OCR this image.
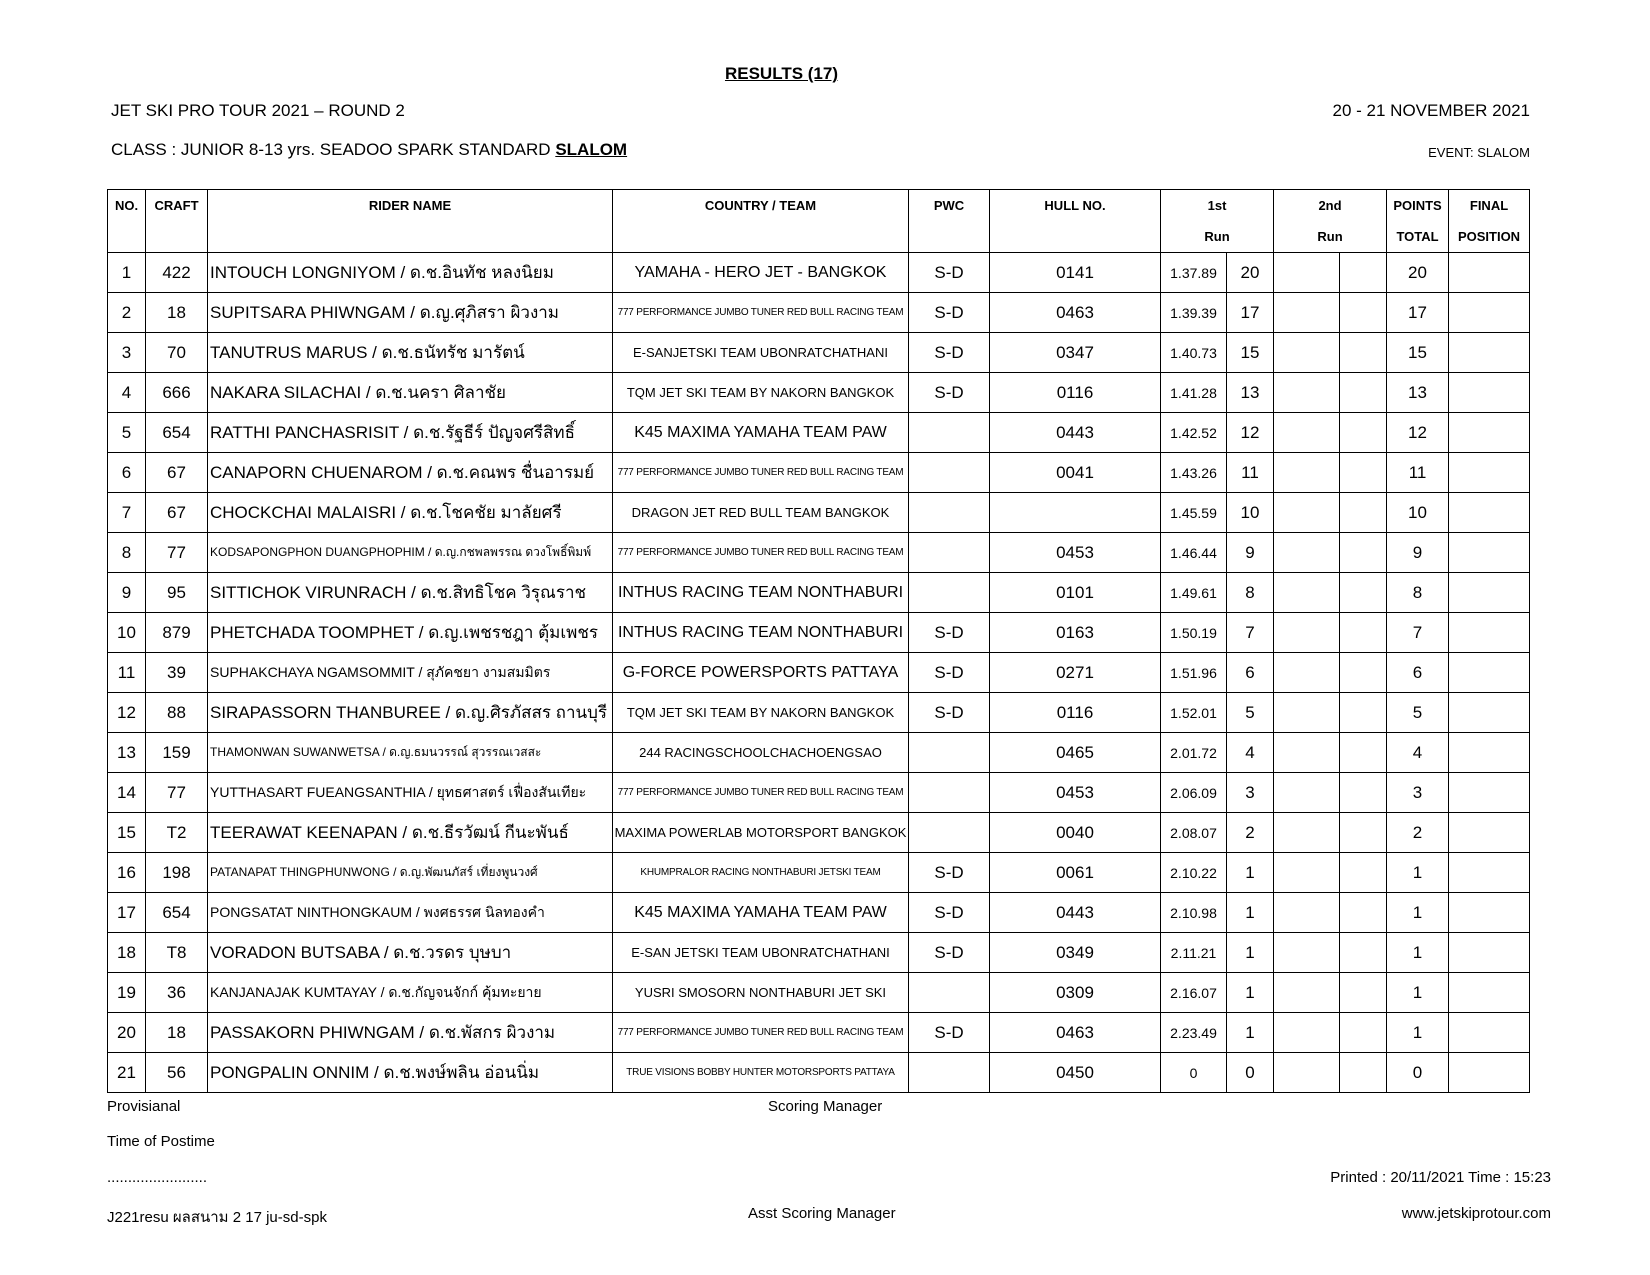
RESULTS (17)
JET SKI PRO TOUR 2021 – ROUND 2	20 - 21 NOVEMBER 2021
CLASS : JUNIOR 8-13 yrs. SEADOO SPARK STANDARD SLALOM	EVENT: SLALOM
NO.	CRAFT	RIDER NAME	COUNTRY / TEAM	PWC	HULL NO.	1st		2nd		POINTS	FINAL
						Run		Run		TOTAL	POSITION
1	422	INTOUCH LONGNIYOM / ด.ช.อินทัช หลงนิยม	YAMAHA - HERO JET - BANGKOK	S-D	0141	1.37.89	20			20	
2	18	SUPITSARA PHIWNGAM / ด.ญ.ศุภิสรา ผิวงาม	777 PERFORMANCE JUMBO TUNER RED BULL RACING TEAM	S-D	0463	1.39.39	17			17	
3	70	TANUTRUS MARUS / ด.ช.ธนัทรัช มารัตน์	E-SANJETSKI TEAM UBONRATCHATHANI	S-D	0347	1.40.73	15			15	
4	666	NAKARA SILACHAI / ด.ช.นครา ศิลาชัย	TQM JET SKI TEAM BY NAKORN BANGKOK	S-D	0116	1.41.28	13			13	
5	654	RATTHI PANCHASRISIT / ด.ช.รัฐธีร์ ปัญจศรีสิทธิ์	K45 MAXIMA YAMAHA TEAM PAW		0443	1.42.52	12			12	
6	67	CANAPORN CHUENAROM / ด.ช.คณพร ชื่นอารมย์	777 PERFORMANCE JUMBO TUNER RED BULL RACING TEAM		0041	1.43.26	11			11	
7	67	CHOCKCHAI MALAISRI / ด.ช.โชคชัย มาลัยศรี	DRAGON JET RED BULL TEAM BANGKOK			1.45.59	10			10	
8	77	KODSAPONGPHON DUANGPHOPHIM / ด.ญ.กชพลพรรณ ดวงโพธิ์พิมพ์	777 PERFORMANCE JUMBO TUNER RED BULL RACING TEAM		0453	1.46.44	9			9	
9	95	SITTICHOK VIRUNRACH / ด.ช.สิทธิโชค วิรุณราช	INTHUS RACING TEAM NONTHABURI		0101	1.49.61	8			8	
10	879	PHETCHADA TOOMPHET / ด.ญ.เพชรชฎา ตุ้มเพชร	INTHUS RACING TEAM NONTHABURI	S-D	0163	1.50.19	7			7	
11	39	SUPHAKCHAYA NGAMSOMMIT / สุภัคชยา งามสมมิตร	G-FORCE POWERSPORTS PATTAYA	S-D	0271	1.51.96	6			6	
12	88	SIRAPASSORN THANBUREE / ด.ญ.ศิรภัสสร ถานบุรี	TQM JET SKI TEAM BY NAKORN BANGKOK	S-D	0116	1.52.01	5			5	
13	159	THAMONWAN SUWANWETSA / ด.ญ.ธมนวรรณ์ สุวรรณเวสสะ	244 RACINGSCHOOLCHACHOENGSAO		0465	2.01.72	4			4	
14	77	YUTTHASART FUEANGSANTHIA / ยุทธศาสตร์ เฟื่องสันเทียะ	777 PERFORMANCE JUMBO TUNER RED BULL RACING TEAM		0453	2.06.09	3			3	
15	T2	TEERAWAT KEENAPAN / ด.ช.ธีรวัฒน์ กีนะพันธ์	MAXIMA POWERLAB MOTORSPORT BANGKOK		0040	2.08.07	2			2	
16	198	PATANAPAT THINGPHUNWONG / ด.ญ.พัฒนภัสร์ เที่ยงพูนวงศ์	KHUMPRALOR RACING NONTHABURI JETSKI TEAM	S-D	0061	2.10.22	1			1	
17	654	PONGSATAT NINTHONGKAUM / พงศธรรศ นิลทองคำ	K45 MAXIMA YAMAHA TEAM PAW	S-D	0443	2.10.98	1			1	
18	T8	VORADON BUTSABA / ด.ช.วรดร บุษบา	E-SAN JETSKI TEAM UBONRATCHATHANI	S-D	0349	2.11.21	1			1	
19	36	KANJANAJAK KUMTAYAY / ด.ช.กัญจนจักก์ คุ้มทะยาย	YUSRI SMOSORN NONTHABURI JET SKI		0309	2.16.07	1			1	
20	18	PASSAKORN PHIWNGAM / ด.ช.พัสกร ผิวงาม	777 PERFORMANCE JUMBO TUNER RED BULL RACING TEAM	S-D	0463	2.23.49	1			1	
21	56	PONGPALIN ONNIM / ด.ช.พงษ์พลิน อ่อนนิ่ม	TRUE VISIONS BOBBY HUNTER MOTORSPORTS PATTAYA		0450	0	0			0	
Provisianal	Scoring Manager
Time of Postime
........................	Printed : 20/11/2021 Time : 15:23
J221resu ผลสนาม 2 17 ju-sd-spk	Asst Scoring Manager	www.jetskiprotour.com
